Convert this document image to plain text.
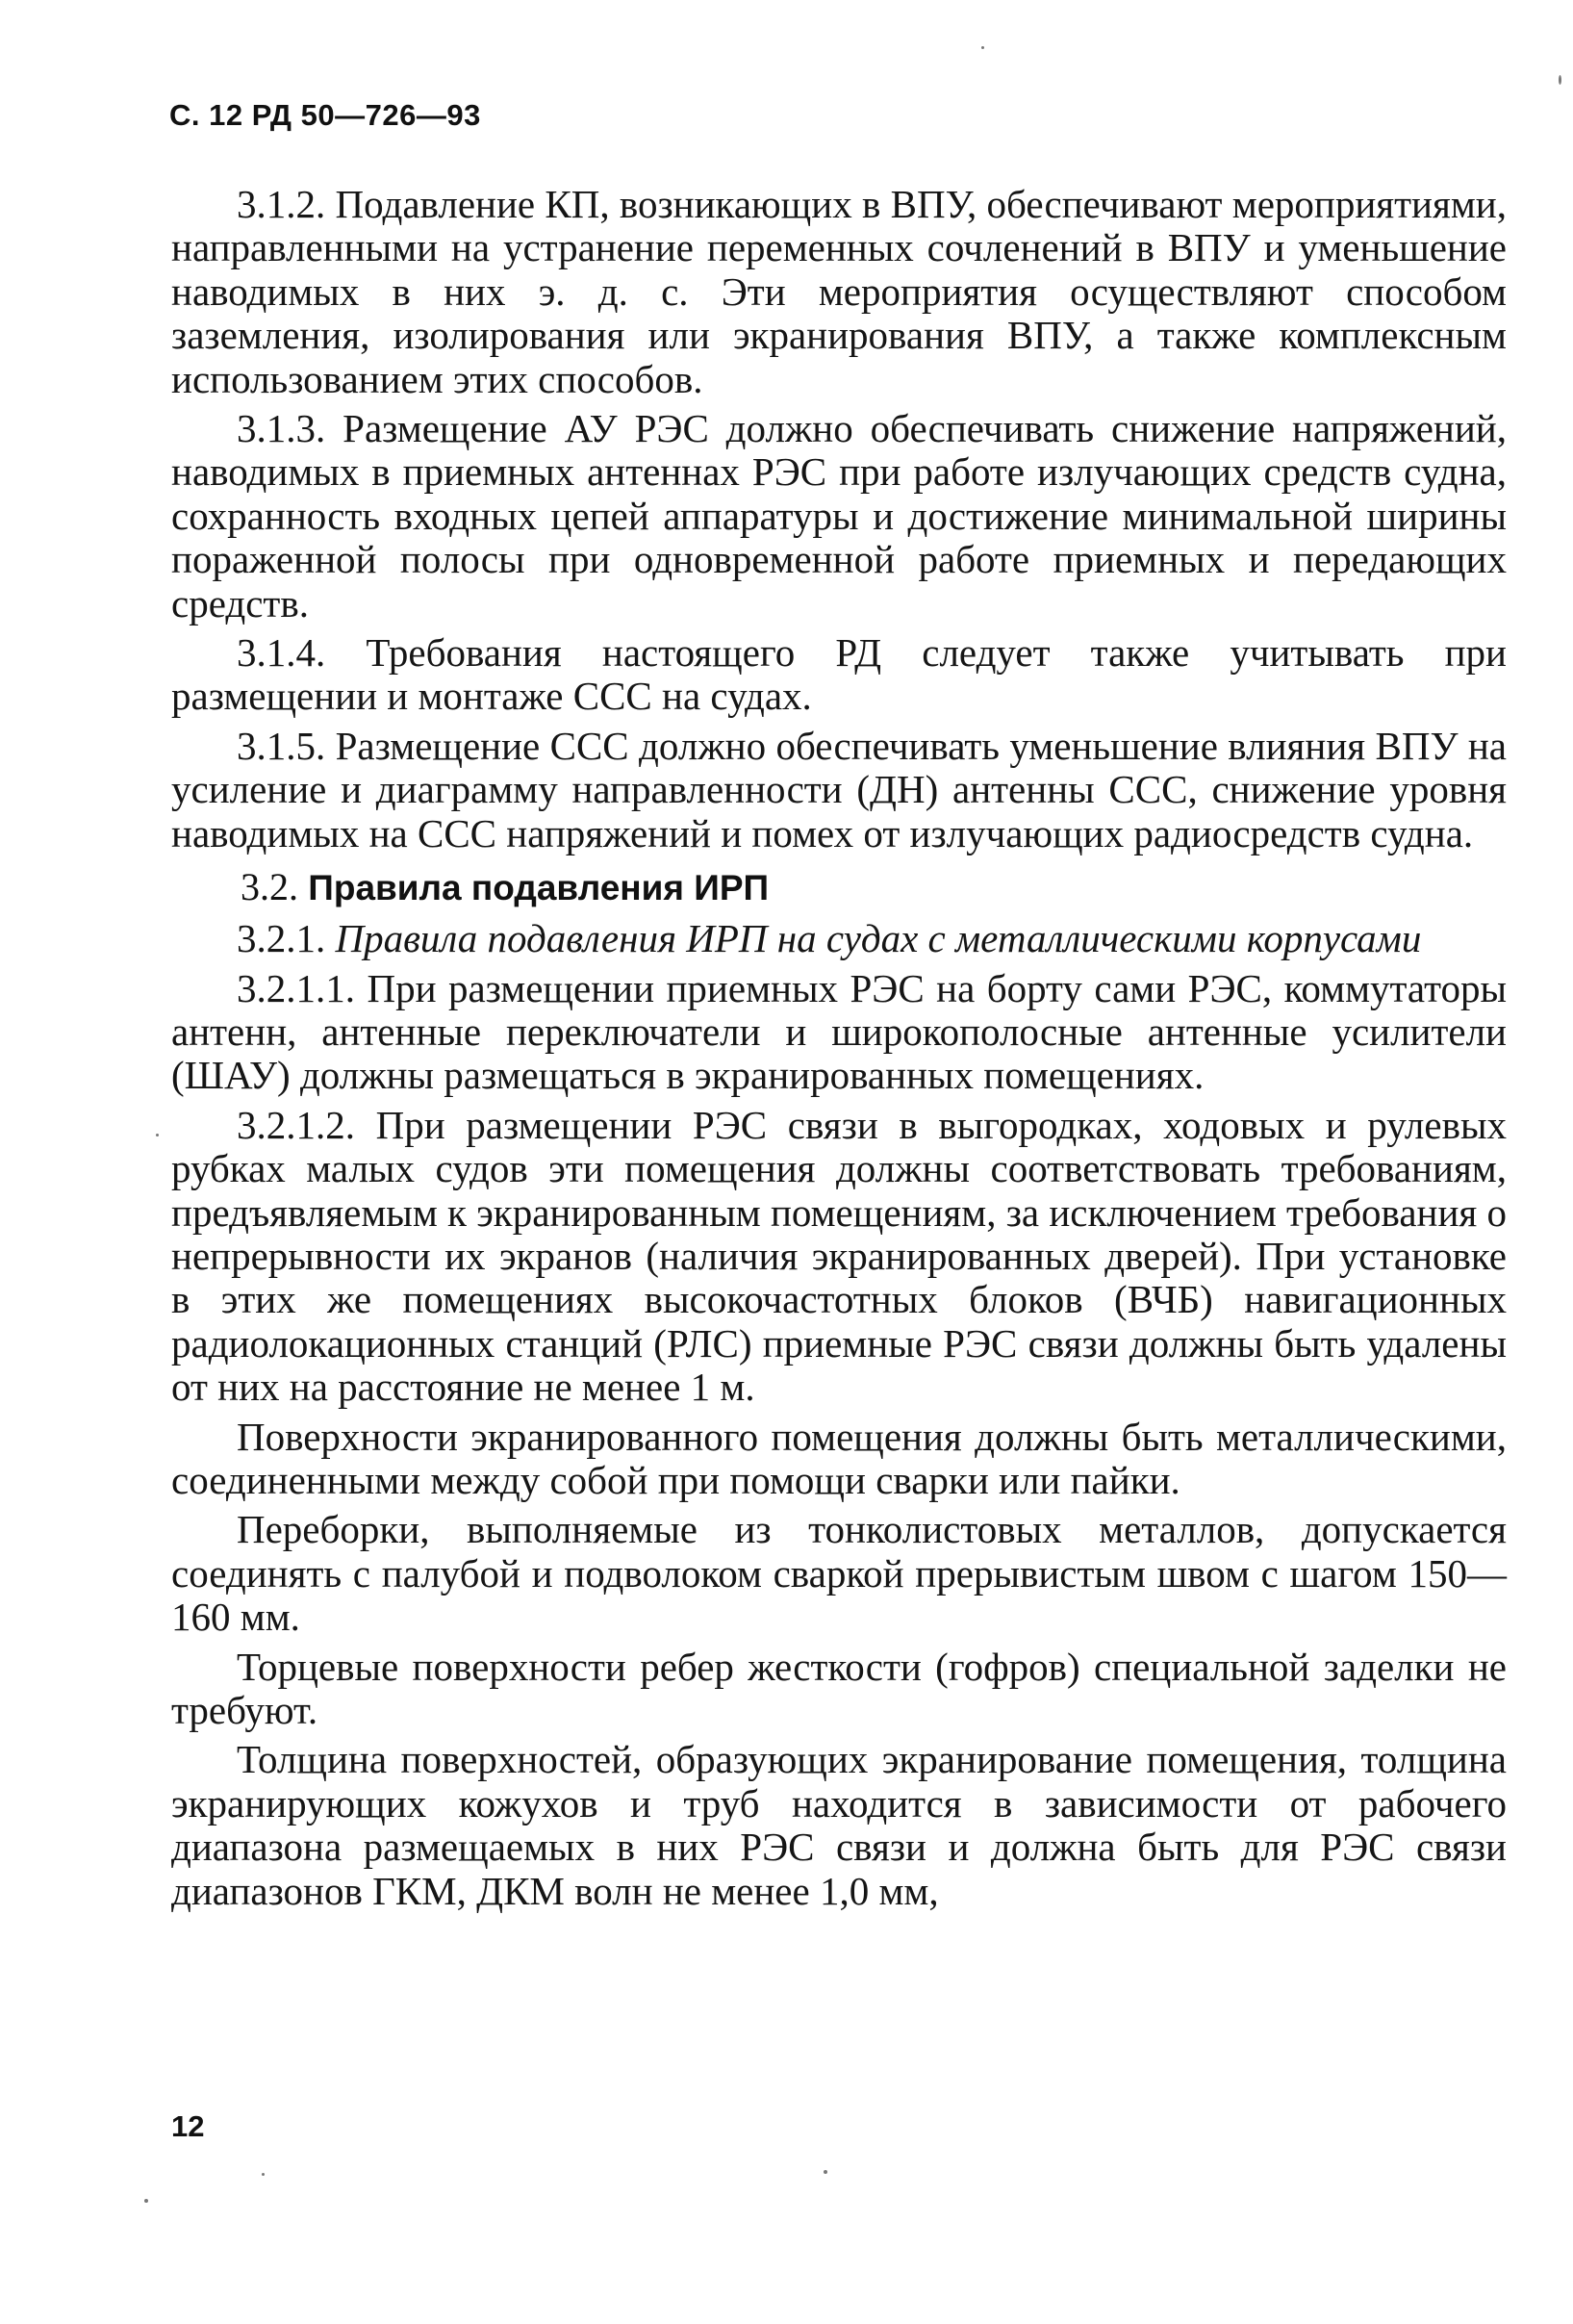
С. 12 РД 50—726—93

3.1.2. Подавление КП, возникающих в ВПУ, обеспечивают мероприятиями, направленными на устранение переменных сочленений в ВПУ и уменьшение наводимых в них э. д. с. Эти мероприятия осуществляют способом заземления, изолирования или экранирования ВПУ, а также комплексным использованием этих способов.

3.1.3. Размещение АУ РЭС должно обеспечивать снижение напряжений, наводимых в приемных антеннах РЭС при работе излучающих средств судна, сохранность входных цепей аппаратуры и достижение минимальной ширины пораженной полосы при одновременной работе приемных и передающих средств.

3.1.4. Требования настоящего РД следует также учитывать при размещении и монтаже ССС на судах.

3.1.5. Размещение ССС должно обеспечивать уменьшение влияния ВПУ на усиление и диаграмму направленности (ДН) антенны ССС, снижение уровня наводимых на ССС напряжений и помех от излучающих радиосредств судна.

3.2. Правила подавления ИРП

3.2.1. Правила подавления ИРП на судах с металлическими корпусами

3.2.1.1. При размещении приемных РЭС на борту сами РЭС, коммутаторы антенн, антенные переключатели и широкополосные антенные усилители (ШАУ) должны размещаться в экранированных помещениях.

3.2.1.2. При размещении РЭС связи в выгородках, ходовых и рулевых рубках малых судов эти помещения должны соответствовать требованиям, предъявляемым к экранированным помещениям, за исключением требования о непрерывности их экранов (наличия экранированных дверей). При установке в этих же помещениях высокочастотных блоков (ВЧБ) навигационных радиолокационных станций (РЛС) приемные РЭС связи должны быть удалены от них на расстояние не менее 1 м.

Поверхности экранированного помещения должны быть металлическими, соединенными между собой при помощи сварки или пайки.

Переборки, выполняемые из тонколистовых металлов, допускается соединять с палубой и подволоком сваркой прерывистым швом с шагом 150—160 мм.

Торцевые поверхности ребер жесткости (гофров) специальной заделки не требуют.

Толщина поверхностей, образующих экранирование помещения, толщина экранирующих кожухов и труб находится в зависимости от рабочего диапазона размещаемых в них РЭС связи и должна быть для РЭС связи диапазонов ГКМ, ДКМ волн не менее 1,0 мм,

12
